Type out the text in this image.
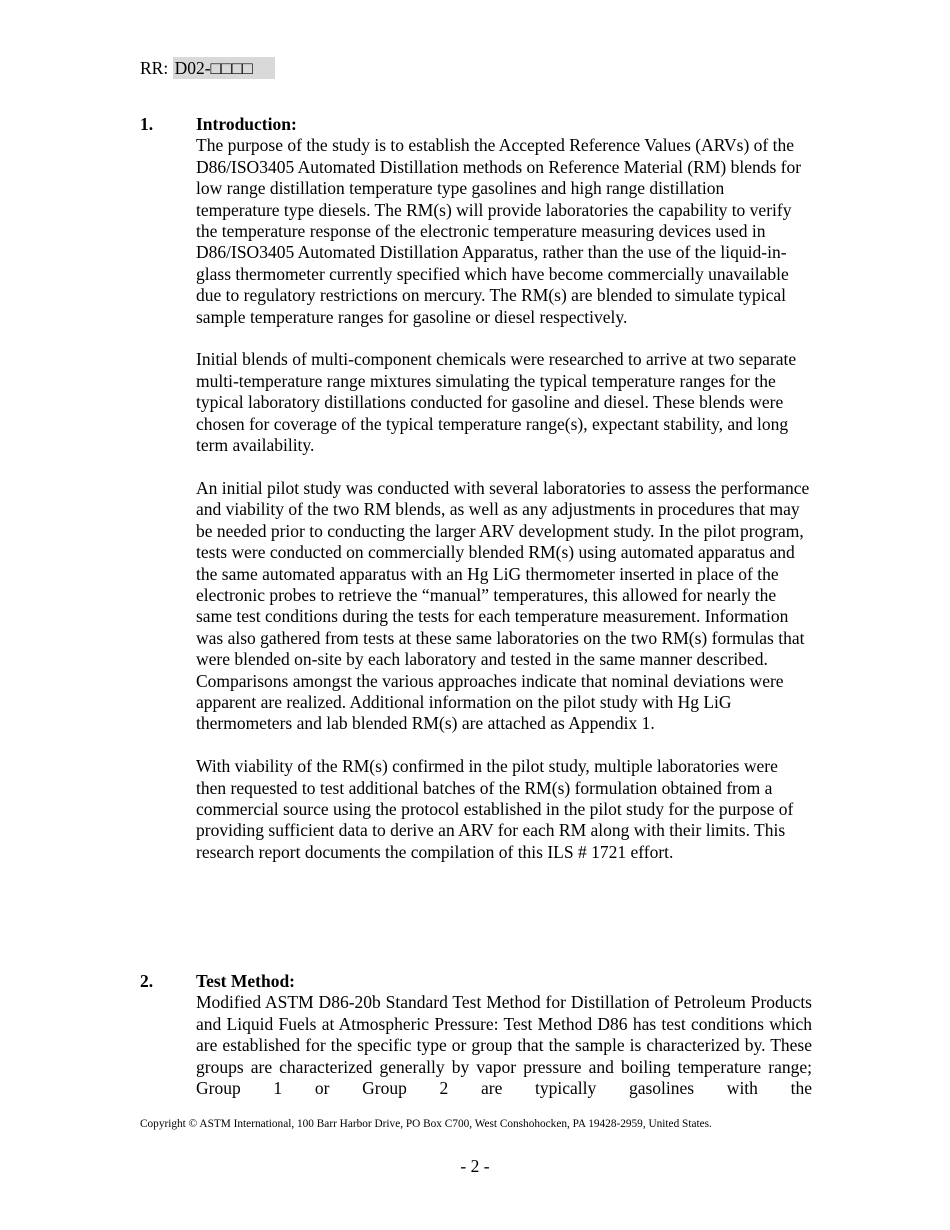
RR: D02-□□□□
1. Introduction:

The purpose of the study is to establish the Accepted Reference Values (ARVs) of the D86/ISO3405 Automated Distillation methods on Reference Material (RM) blends for low range distillation temperature type gasolines and high range distillation temperature type diesels. The RM(s) will provide laboratories the capability to verify the temperature response of the electronic temperature measuring devices used in D86/ISO3405 Automated Distillation Apparatus, rather than the use of the liquid-in-glass thermometer currently specified which have become commercially unavailable due to regulatory restrictions on mercury. The RM(s) are blended to simulate typical sample temperature ranges for gasoline or diesel respectively.

Initial blends of multi-component chemicals were researched to arrive at two separate multi-temperature range mixtures simulating the typical temperature ranges for the typical laboratory distillations conducted for gasoline and diesel. These blends were chosen for coverage of the typical temperature range(s), expectant stability, and long term availability.

An initial pilot study was conducted with several laboratories to assess the performance and viability of the two RM blends, as well as any adjustments in procedures that may be needed prior to conducting the larger ARV development study. In the pilot program, tests were conducted on commercially blended RM(s) using automated apparatus and the same automated apparatus with an Hg LiG thermometer inserted in place of the electronic probes to retrieve the “manual” temperatures, this allowed for nearly the same test conditions during the tests for each temperature measurement. Information was also gathered from tests at these same laboratories on the two RM(s) formulas that were blended on-site by each laboratory and tested in the same manner described. Comparisons amongst the various approaches indicate that nominal deviations were apparent are realized. Additional information on the pilot study with Hg LiG thermometers and lab blended RM(s) are attached as Appendix 1.

With viability of the RM(s) confirmed in the pilot study, multiple laboratories were then requested to test additional batches of the RM(s) formulation obtained from a commercial source using the protocol established in the pilot study for the purpose of providing sufficient data to derive an ARV for each RM along with their limits. This research report documents the compilation of this ILS # 1721 effort.

2. Test Method:

Modified ASTM D86-20b Standard Test Method for Distillation of Petroleum Products and Liquid Fuels at Atmospheric Pressure: Test Method D86 has test conditions which are established for the specific type or group that the sample is characterized by. These groups are characterized generally by vapor pressure and boiling temperature range; Group 1 or Group 2 are typically gasolines with the

Copyright © ASTM International, 100 Barr Harbor Drive, PO Box C700, West Conshohocken, PA 19428-2959, United States.
- 2 -
